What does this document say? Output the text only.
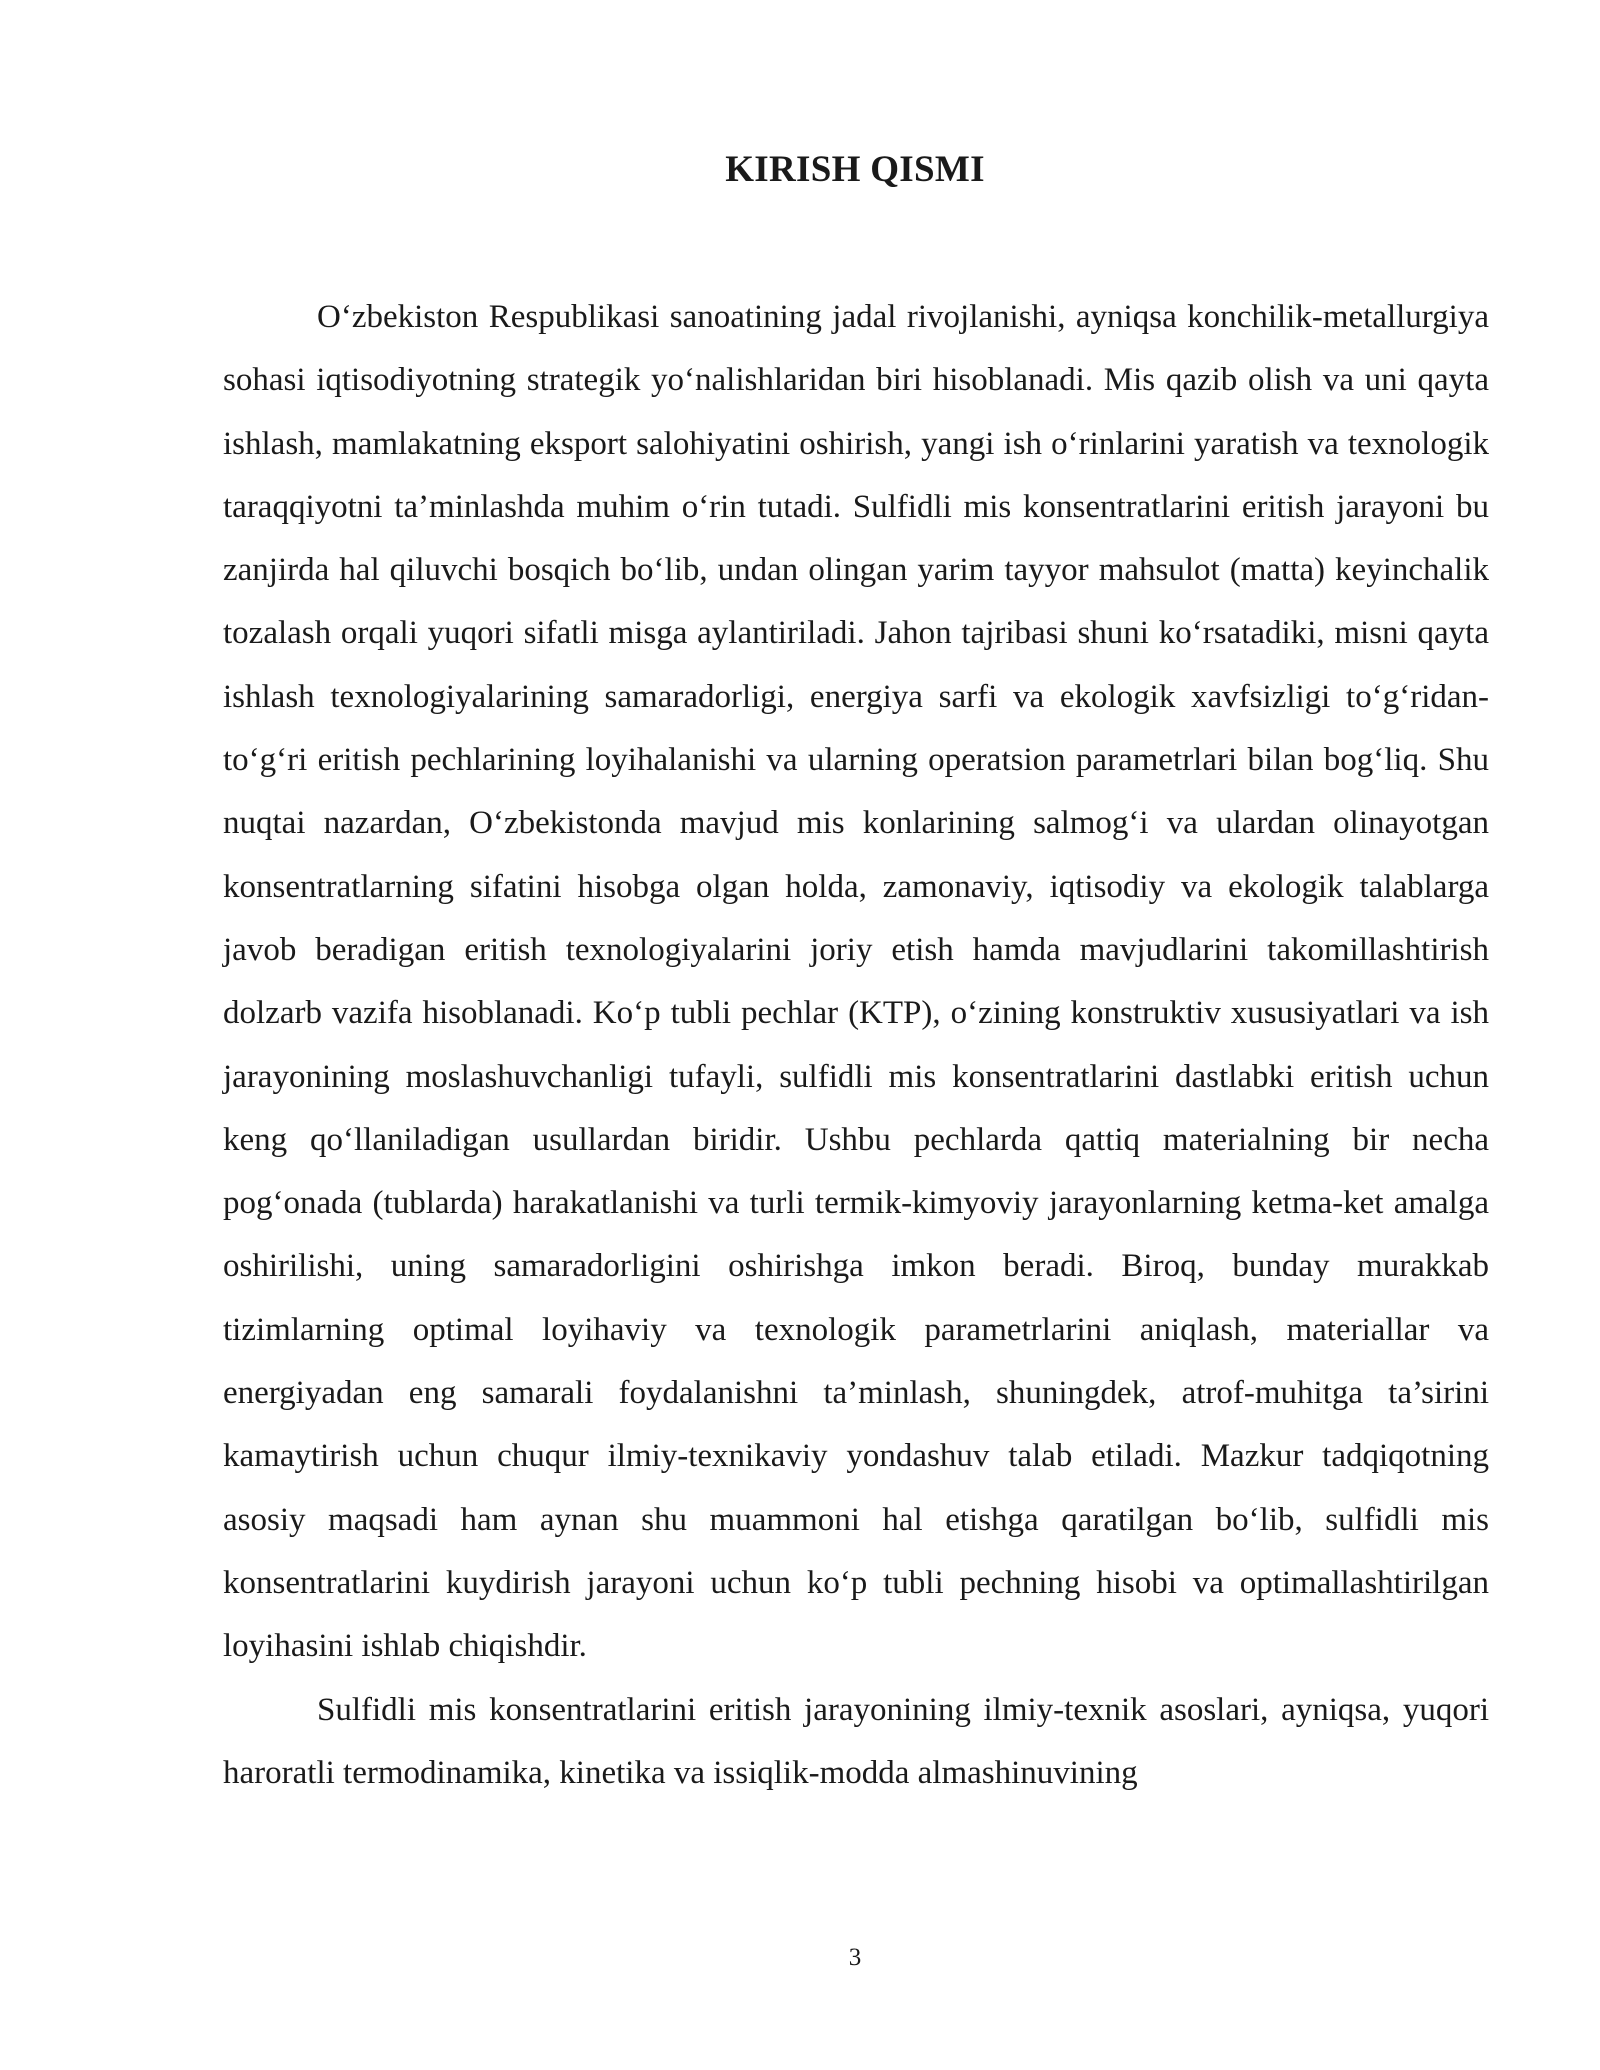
KIRISH QISMI

O‘zbekiston Respublikasi sanoatining jadal rivojlanishi, ayniqsa konchilik-metallurgiya sohasi iqtisodiyotning strategik yo‘nalishlaridan biri hisoblanadi. Mis qazib olish va uni qayta ishlash, mamlakatning eksport salohiyatini oshirish, yangi ish o‘rinlarini yaratish va texnologik taraqqiyotni ta’minlashda muhim o‘rin tutadi. Sulfidli mis konsentratlarini eritish jarayoni bu zanjirda hal qiluvchi bosqich bo‘lib, undan olingan yarim tayyor mahsulot (matta) keyinchalik tozalash orqali yuqori sifatli misga aylantiriladi. Jahon tajribasi shuni ko‘rsatadiki, misni qayta ishlash texnologiyalarining samaradorligi, energiya sarfi va ekologik xavfsizligi to‘g‘ridan-to‘g‘ri eritish pechlarining loyihalanishi va ularning operatsion parametrlari bilan bog‘liq. Shu nuqtai nazardan, O‘zbekistonda mavjud mis konlarining salmog‘i va ulardan olinayotgan konsentratlarning sifatini hisobga olgan holda, zamonaviy, iqtisodiy va ekologik talablarga javob beradigan eritish texnologiyalarini joriy etish hamda mavjudlarini takomillashtirish dolzarb vazifa hisoblanadi. Ko‘p tubli pechlar (KTP), o‘zining konstruktiv xususiyatlari va ish jarayonining moslashuvchanligi tufayli, sulfidli mis konsentratlarini dastlabki eritish uchun keng qo‘llaniladigan usullardan biridir. Ushbu pechlarda qattiq materialning bir necha pog‘onada (tublarda) harakatlanishi va turli termik-kimyoviy jarayonlarning ketma-ket amalga oshirilishi, uning samaradorligini oshirishga imkon beradi. Biroq, bunday murakkab tizimlarning optimal loyihaviy va texnologik parametrlarini aniqlash, materiallar va energiyadan eng samarali foydalanishni ta’minlash, shuningdek, atrof-muhitga ta’sirini kamaytirish uchun chuqur ilmiy-texnikaviy yondashuv talab etiladi. Mazkur tadqiqotning asosiy maqsadi ham aynan shu muammoni hal etishga qaratilgan bo‘lib, sulfidli mis konsentratlarini kuydirish jarayoni uchun ko‘p tubli pechning hisobi va optimallashtirilgan loyihasini ishlab chiqishdir.

Sulfidli mis konsentratlarini eritish jarayonining ilmiy-texnik asoslari, ayniqsa, yuqori haroratli termodinamika, kinetika va issiqlik-modda almashinuvining

3
